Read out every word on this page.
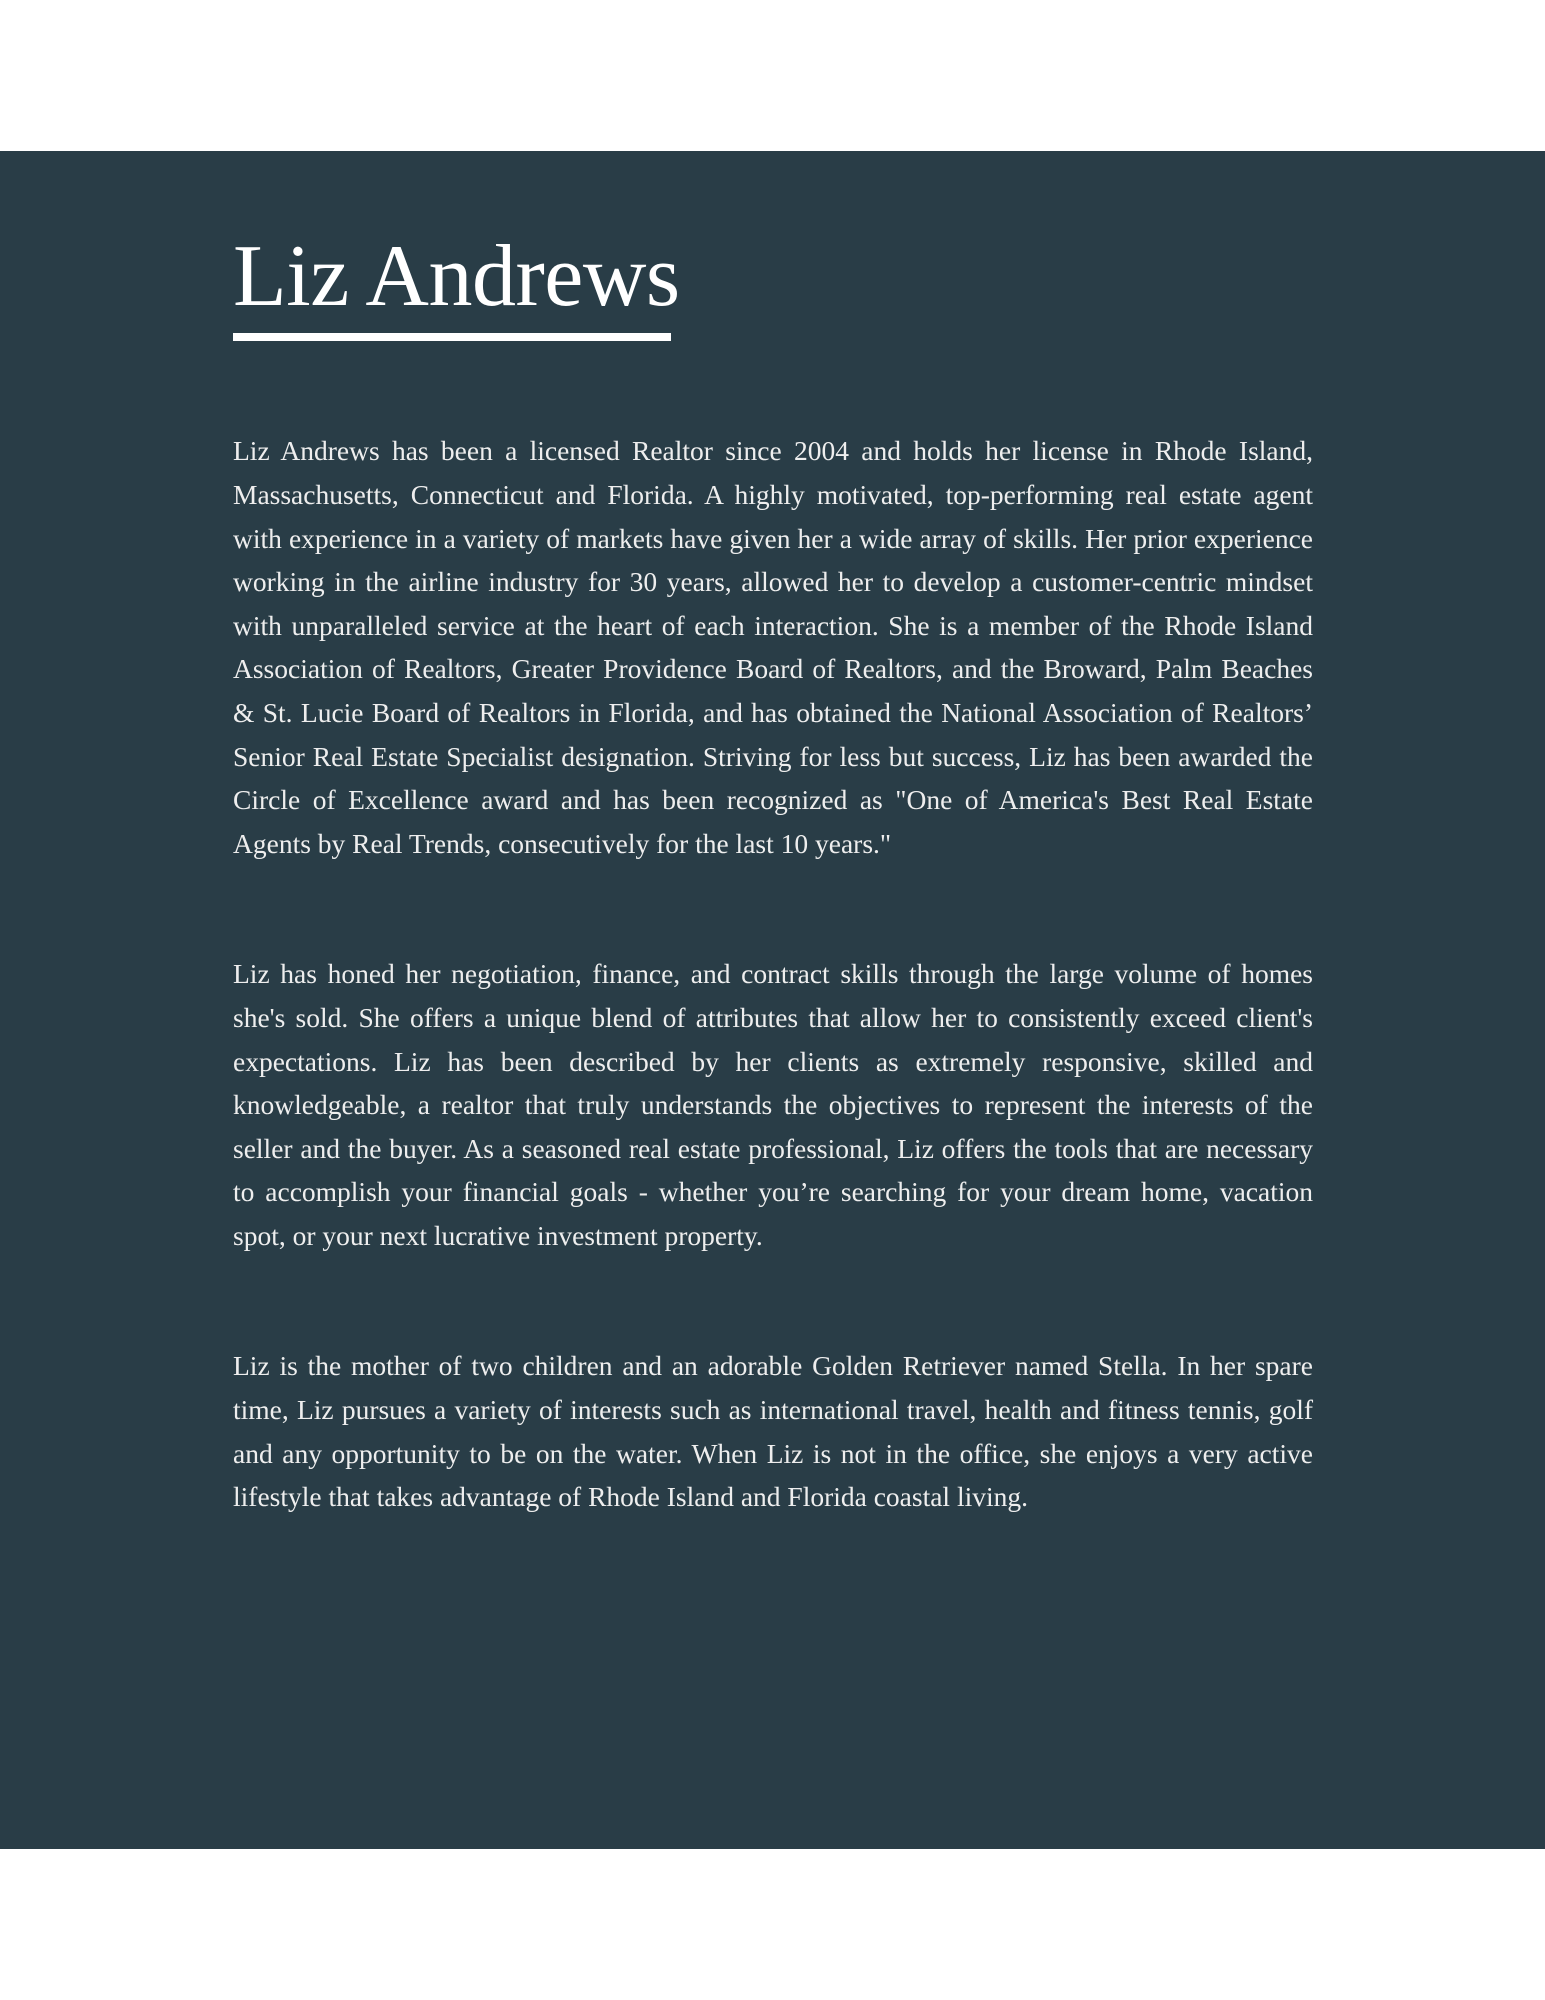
Liz Andrews

Liz Andrews has been a licensed Realtor since 2004 and holds her license in Rhode Island, Massachusetts, Connecticut and Florida. A highly motivated, top-performing real estate agent with experience in a variety of markets have given her a wide array of skills. Her prior experience working in the airline industry for 30 years, allowed her to develop a customer-centric mindset with unparalleled service at the heart of each interaction. She is a member of the Rhode Island Association of Realtors, Greater Providence Board of Realtors, and the Broward, Palm Beaches & St. Lucie Board of Realtors in Florida, and has obtained the National Association of Realtors’ Senior Real Estate Specialist designation. Striving for less but success, Liz has been awarded the Circle of Excellence award and has been recognized as "One of America's Best Real Estate Agents by Real Trends, consecutively for the last 10 years."

Liz has honed her negotiation, finance, and contract skills through the large volume of homes she's sold. She offers a unique blend of attributes that allow her to consistently exceed client's expectations. Liz has been described by her clients as extremely responsive, skilled and knowledgeable, a realtor that truly understands the objectives to represent the interests of the seller and the buyer. As a seasoned real estate professional, Liz offers the tools that are necessary to accomplish your financial goals - whether you’re searching for your dream home, vacation spot, or your next lucrative investment property.

Liz is the mother of two children and an adorable Golden Retriever named Stella. In her spare time, Liz pursues a variety of interests such as international travel, health and fitness tennis, golf and any opportunity to be on the water. When Liz is not in the office, she enjoys a very active lifestyle that takes advantage of Rhode Island and Florida coastal living.
